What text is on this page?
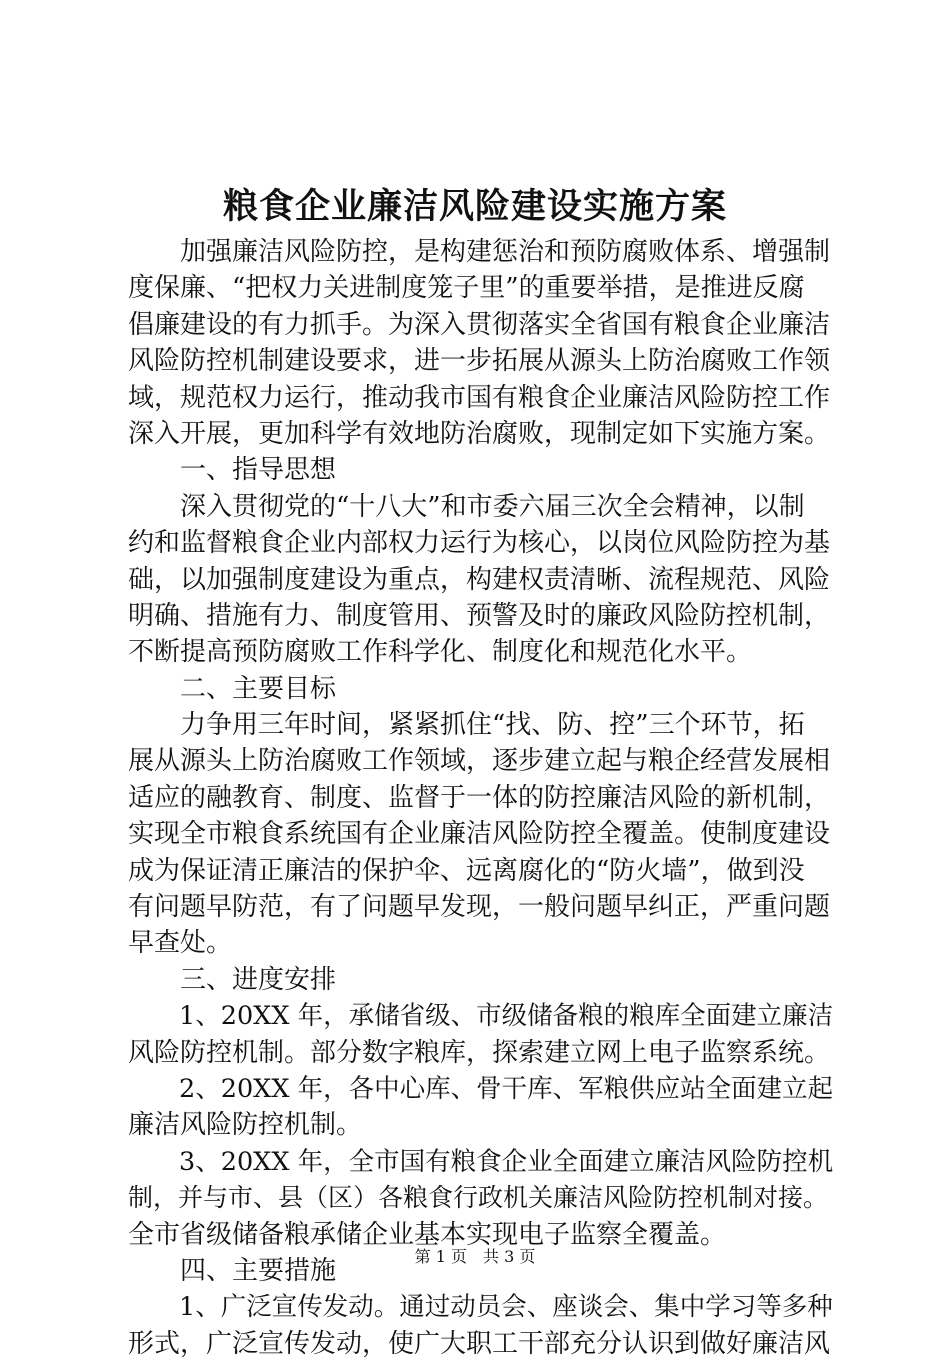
粮食企业廉洁风险建设实施方案
　　加强廉洁风险防控，是构建惩治和预防腐败体系、增强制
度保廉、“把权力关进制度笼子里”的重要举措，是推进反腐
倡廉建设的有力抓手。为深入贯彻落实全省国有粮食企业廉洁
风险防控机制建设要求，进一步拓展从源头上防治腐败工作领
域，规范权力运行，推动我市国有粮食企业廉洁风险防控工作
深入开展，更加科学有效地防治腐败，现制定如下实施方案。
　　一、指导思想
　　深入贯彻党的“十八大”和市委六届三次全会精神，以制
约和监督粮食企业内部权力运行为核心，以岗位风险防控为基
础，以加强制度建设为重点，构建权责清晰、流程规范、风险
明确、措施有力、制度管用、预警及时的廉政风险防控机制，
不断提高预防腐败工作科学化、制度化和规范化水平。
　　二、主要目标
　　力争用三年时间，紧紧抓住“找、防、控”三个环节，拓
展从源头上防治腐败工作领域，逐步建立起与粮企经营发展相
适应的融教育、制度、监督于一体的防控廉洁风险的新机制，
实现全市粮食系统国有企业廉洁风险防控全覆盖。使制度建设
成为保证清正廉洁的保护伞、远离腐化的“防火墙”，做到没
有问题早防范，有了问题早发现，一般问题早纠正，严重问题
早查处。
　　三、进度安排
　　1、20XX 年，承储省级、市级储备粮的粮库全面建立廉洁
风险防控机制。部分数字粮库，探索建立网上电子监察系统。
　　2、20XX 年，各中心库、骨干库、军粮供应站全面建立起
廉洁风险防控机制。
　　3、20XX 年，全市国有粮食企业全面建立廉洁风险防控机
制，并与市、县（区）各粮食行政机关廉洁风险防控机制对接。
全市省级储备粮承储企业基本实现电子监察全覆盖。
　　四、主要措施
　　1、广泛宣传发动。通过动员会、座谈会、集中学习等多种
形式，广泛宣传发动，使广大职工干部充分认识到做好廉洁风
第 1 页　共 3 页
